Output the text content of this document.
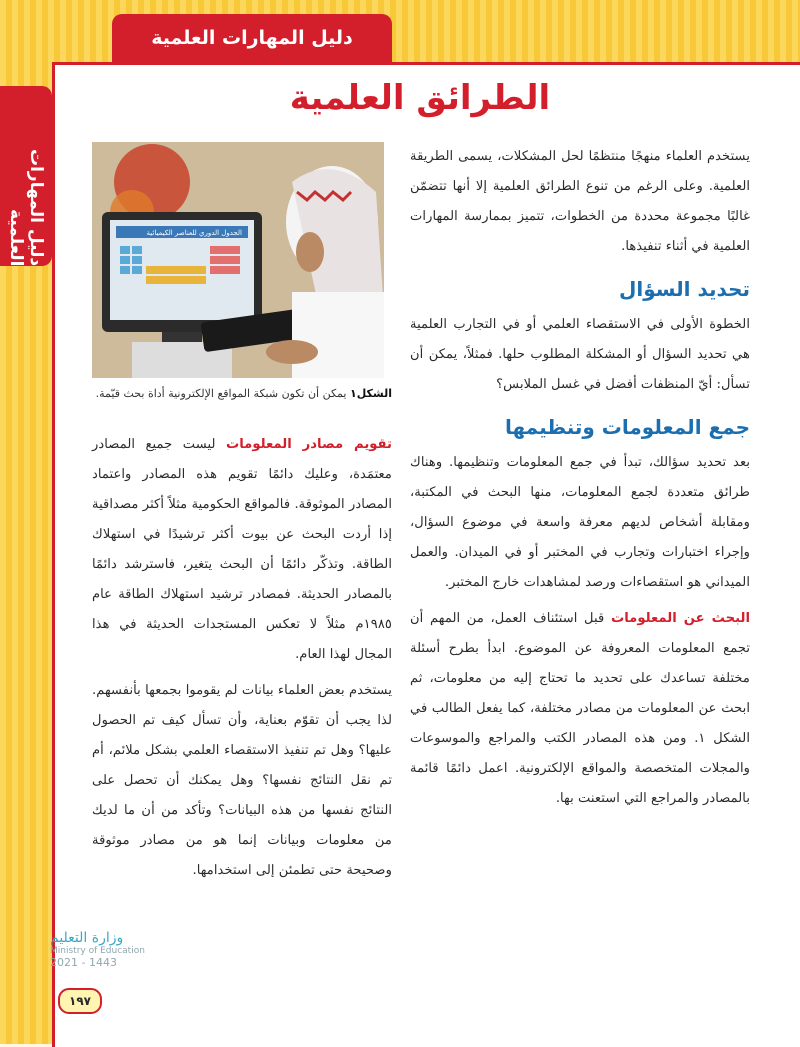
دليل المهارات العلمية
دليل المهارات العلمية
الطرائق العلمية

يستخدم العلماء منهجًا منتظمًا لحل المشكلات، يسمى الطريقة العلمية. وعلى الرغم من تنوع الطرائق العلمية إلا أنها تتضمّن غالبًا مجموعة محددة من الخطوات، تتميز بممارسة المهارات العلمية في أثناء تنفيذها.

تحديد السؤال

الخطوة الأولى في الاستقصاء العلمي أو في التجارب العلمية هي تحديد السؤال أو المشكلة المطلوب حلها. فمثلاً، يمكن أن تسأل: أيّ المنظفات أفضل في غسل الملابس؟

جمع المعلومات وتنظيمها

بعد تحديد سؤالك، تبدأ في جمع المعلومات وتنظيمها. وهناك طرائق متعددة لجمع المعلومات، منها البحث في المكتبة، ومقابلة أشخاص لديهم معرفة واسعة في موضوع السؤال، وإجراء اختبارات وتجارب في المختبر أو في الميدان. والعمل الميداني هو استقصاءات ورصد لمشاهدات خارج المختبر.

البحث عن المعلومات قبل استئناف العمل، من المهم أن تجمع المعلومات المعروفة عن الموضوع. ابدأ بطرح أسئلة مختلفة تساعدك على تحديد ما تحتاج إليه من معلومات، ثم ابحث عن المعلومات من مصادر مختلفة، كما يفعل الطالب في الشكل ١. ومن هذه المصادر الكتب والمراجع والموسوعات والمجلات المتخصصة والمواقع الإلكترونية. اعمل دائمًا قائمة بالمصادر والمراجع التي استعنت بها.

الجدول الدوري للعناصر الكيميائية
الشكل١ يمكن أن تكون شبكة المواقع الإلكترونية أداة بحث قيّمة.

تقويم مصادر المعلومات ليست جميع المصادر معتمَدة، وعليك دائمًا تقويم هذه المصادر واعتماد المصادر الموثوقة. فالمواقع الحكومية مثلاً أكثر مصداقية إذا أردت البحث عن بيوت أكثر ترشيدًا في استهلاك الطاقة. وتذكّر دائمًا أن البحث يتغير، فاسترشد دائمًا بالمصادر الحديثة. فمصادر ترشيد استهلاك الطاقة عام ١٩٨٥م مثلاً لا تعكس المستجدات الحديثة في هذا المجال لهذا العام.

يستخدم بعض العلماء بيانات لم يقوموا بجمعها بأنفسهم. لذا يجب أن تقوّم بعناية، وأن تسأل كيف تم الحصول عليها؟ وهل تم تنفيذ الاستقصاء العلمي بشكل ملائم، أم تم نقل النتائج نفسها؟ وهل يمكنك أن تحصل على النتائج نفسها من هذه البيانات؟ وتأكد من أن ما لديك من معلومات وبيانات إنما هو من مصادر موثوقة وصحيحة حتى تطمئن إلى استخدامها.

وزارة التعليم
Ministry of Education
2021 - 1443
١٩٧
